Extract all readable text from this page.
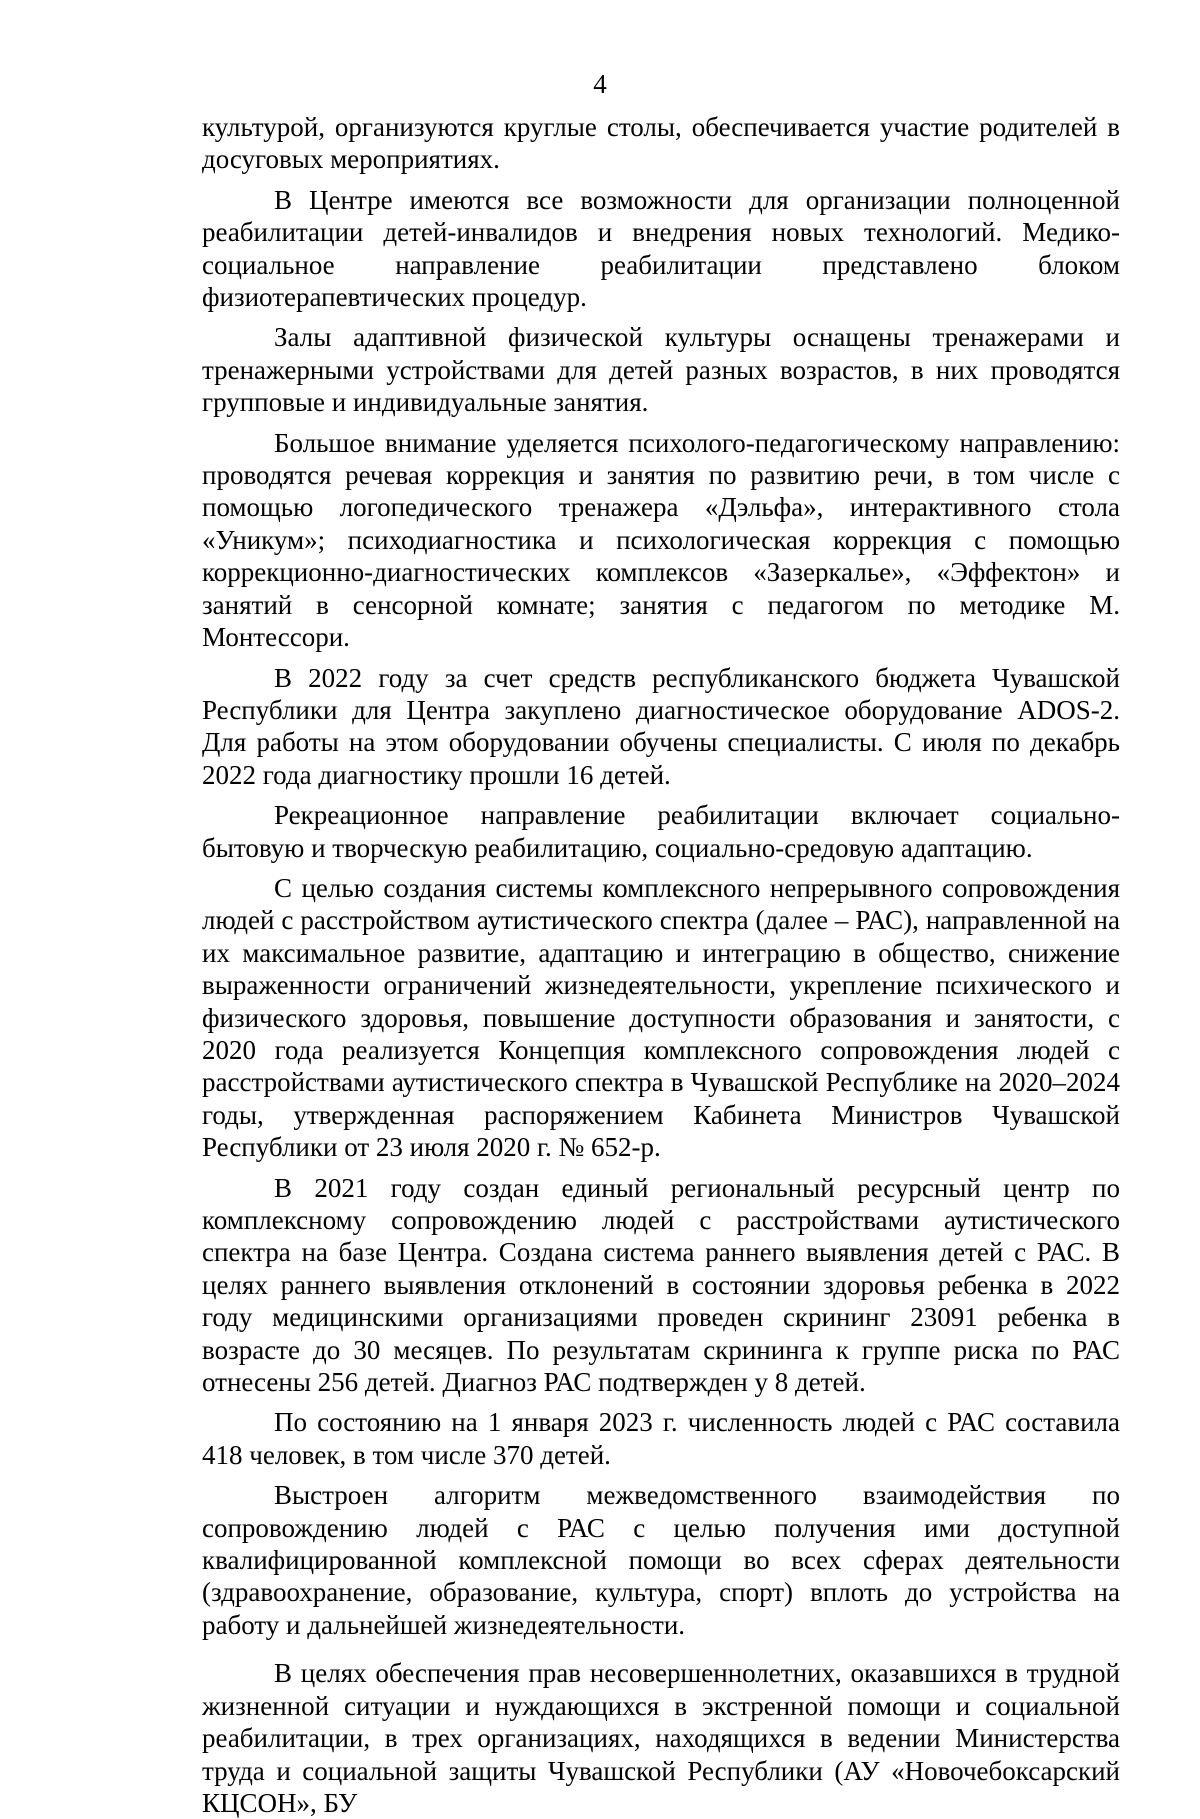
4

культурой, организуются круглые столы, обеспечивается участие родителей в досуговых мероприятиях.

В Центре имеются все возможности для организации полноценной реабилитации детей-инвалидов и внедрения новых технологий. Медико-социальное направление реабилитации представлено блоком физиотерапевтических процедур.

Залы адаптивной физической культуры оснащены тренажерами и тренажерными устройствами для детей разных возрастов, в них проводятся групповые и индивидуальные занятия.

Большое внимание уделяется психолого-педагогическому направлению: проводятся речевая коррекция и занятия по развитию речи, в том числе с помощью логопедического тренажера «Дэльфа», интерактивного стола «Уникум»; психодиагностика и психологическая коррекция с помощью коррекционно-диагностических комплексов «Зазеркалье», «Эффектон» и занятий в сенсорной комнате; занятия с педагогом по методике М. Монтессори.

В 2022 году за счет средств республиканского бюджета Чувашской Республики для Центра закуплено диагностическое оборудование ADOS-2. Для работы на этом оборудовании обучены специалисты. С июля по декабрь 2022 года диагностику прошли 16 детей.

Рекреационное направление реабилитации включает социально-бытовую и творческую реабилитацию, социально-средовую адаптацию.

С целью создания системы комплексного непрерывного сопровождения людей с расстройством аутистического спектра (далее – РАС), направленной на их максимальное развитие, адаптацию и интеграцию в общество, снижение выраженности ограничений жизнедеятельности, укрепление психического и физического здоровья, повышение доступности образования и занятости, с 2020 года реализуется Концепция комплексного сопровождения людей с расстройствами аутистического спектра в Чувашской Республике на 2020–2024 годы, утвержденная распоряжением Кабинета Министров Чувашской Республики от 23 июля 2020 г. № 652-р.

В 2021 году создан единый региональный ресурсный центр по комплексному сопровождению людей с расстройствами аутистического спектра на базе Центра. Создана система раннего выявления детей с РАС. В целях раннего выявления отклонений в состоянии здоровья ребенка в 2022 году медицинскими организациями проведен скрининг 23091 ребенка в возрасте до 30 месяцев. По результатам скрининга к группе риска по РАС отнесены 256 детей. Диагноз РАС подтвержден у 8 детей.

По состоянию на 1 января 2023 г. численность людей с РАС составила 418 человек, в том числе 370 детей.

Выстроен алгоритм межведомственного взаимодействия по сопровождению людей с РАС с целью получения ими доступной квалифицированной комплексной помощи во всех сферах деятельности (здравоохранение, образование, культура, спорт) вплоть до устройства на работу и дальнейшей жизнедеятельности.

В целях обеспечения прав несовершеннолетних, оказавшихся в трудной жизненной ситуации и нуждающихся в экстренной помощи и социальной реабилитации, в трех организациях, находящихся в ведении Министерства труда и социальной защиты Чувашской Республики (АУ «Новочебоксарский КЦСОН», БУ
